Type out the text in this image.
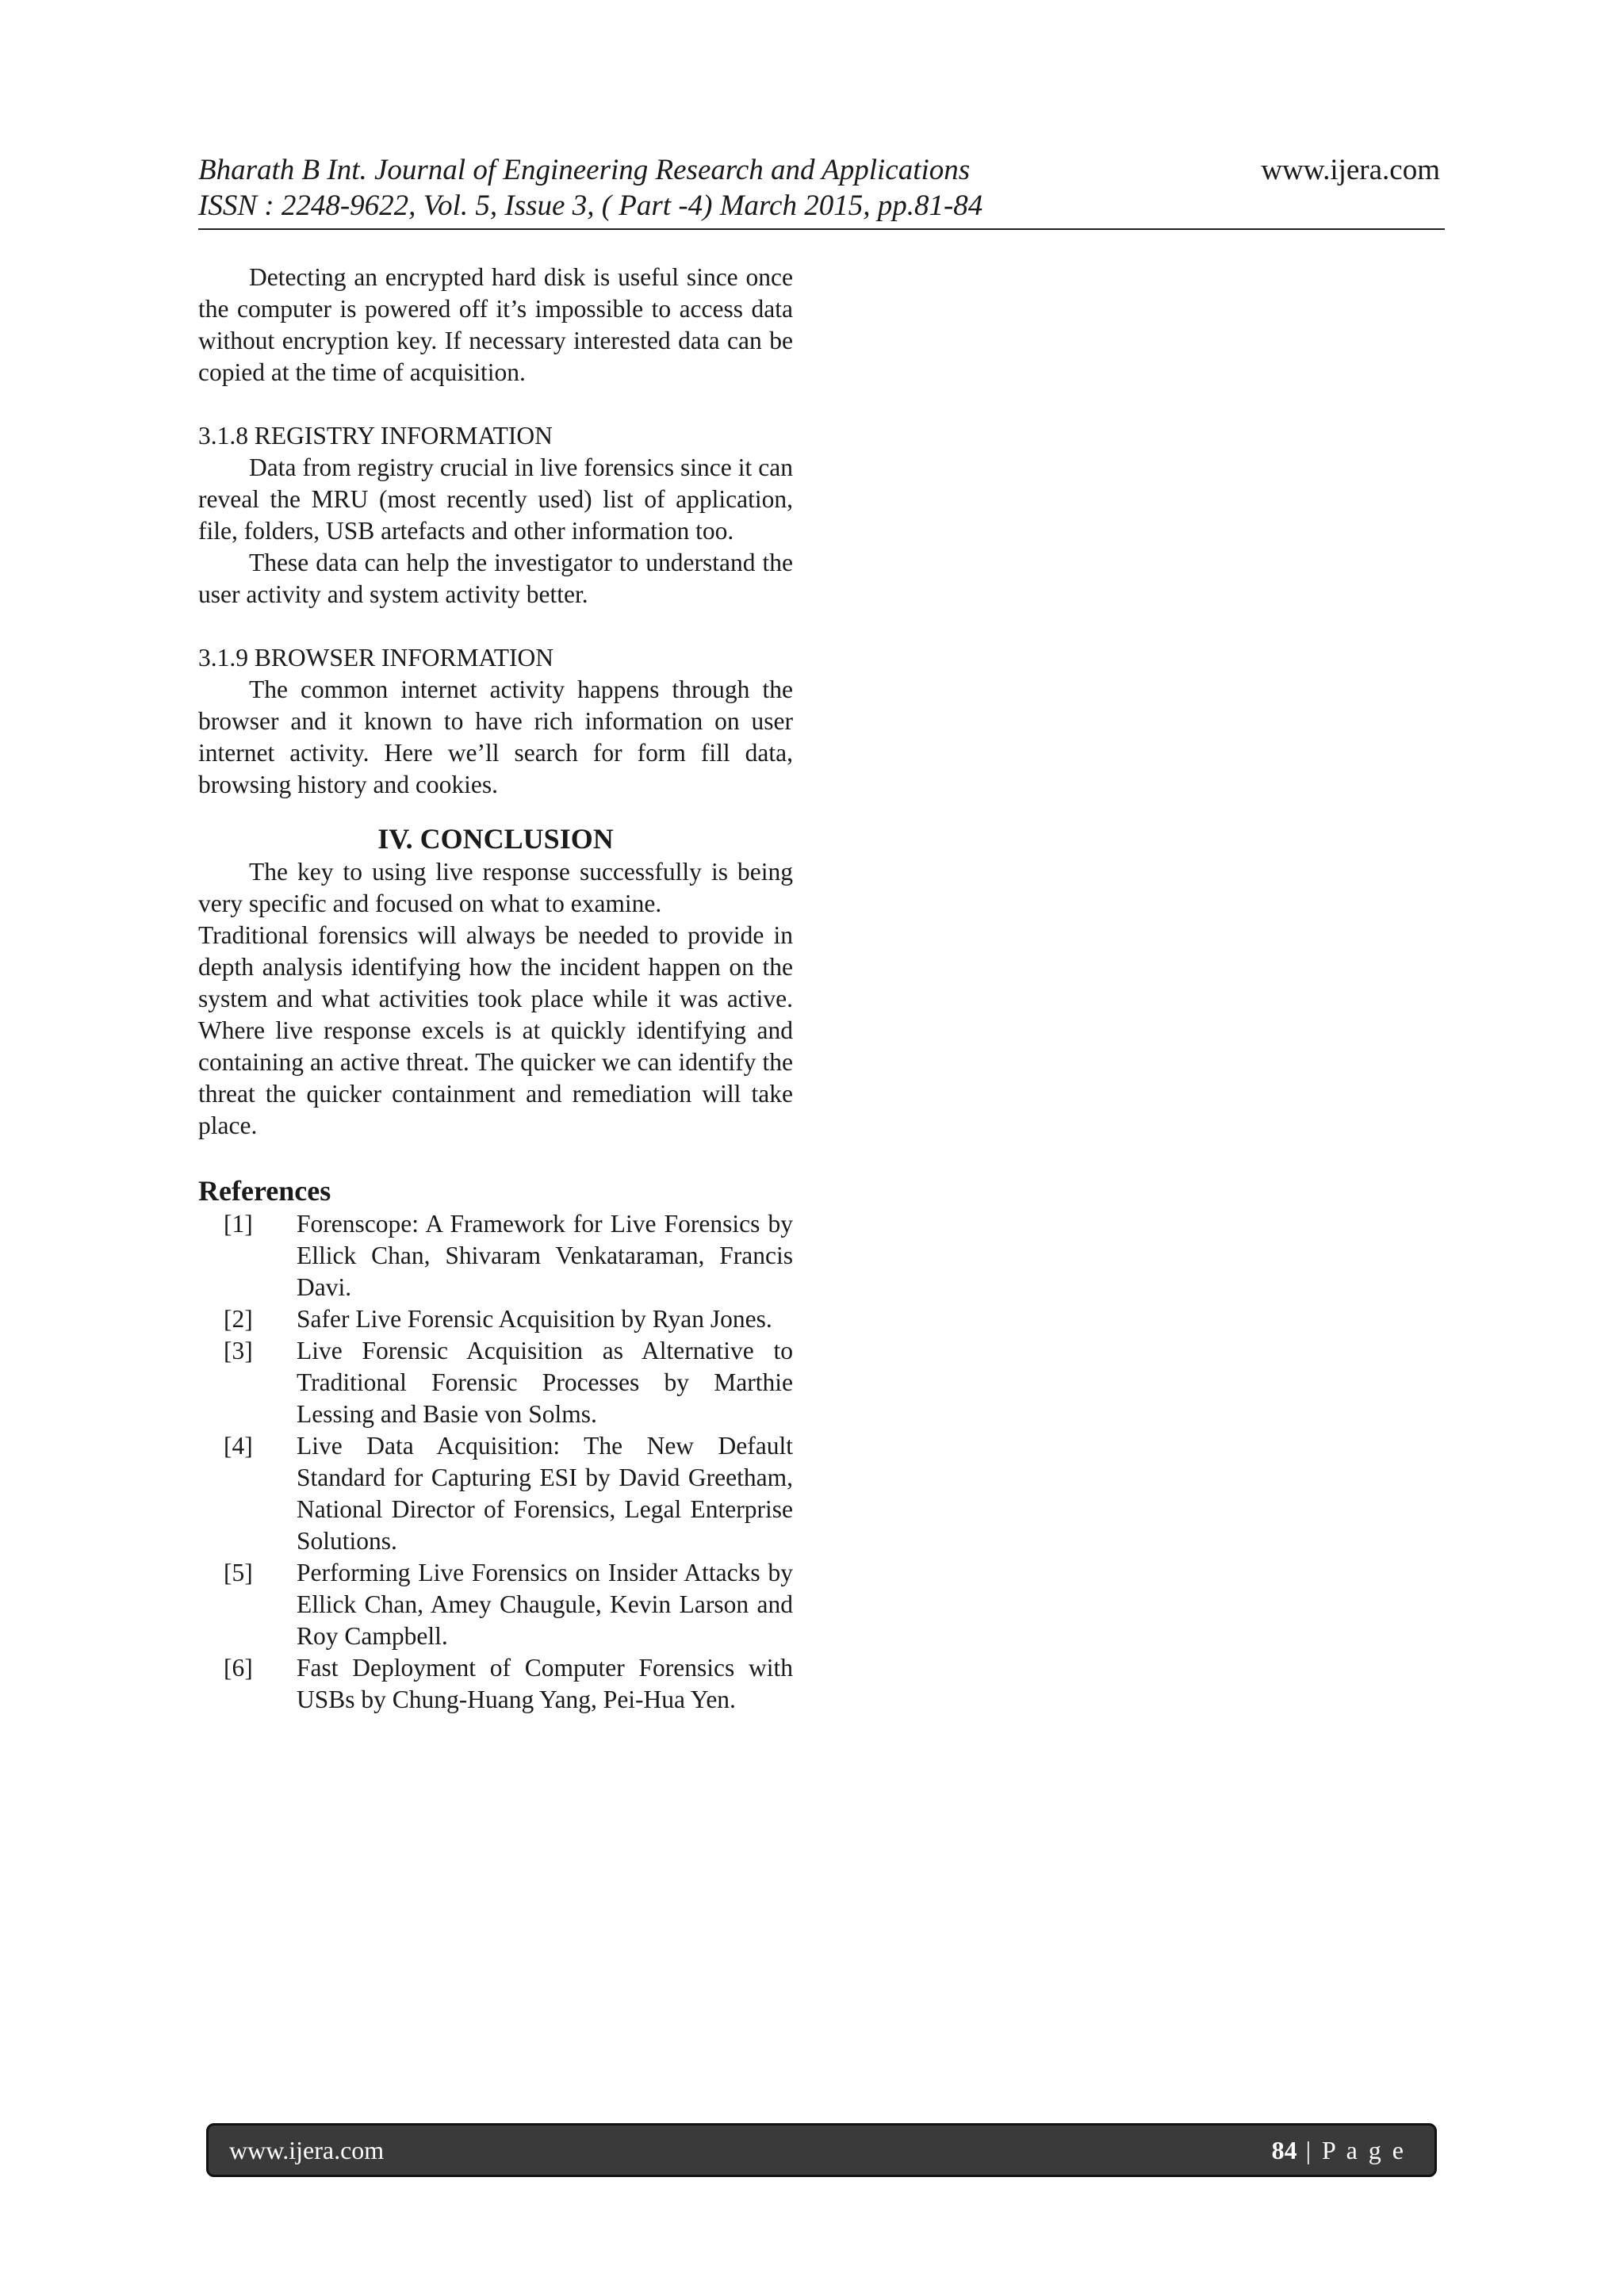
Bharath B Int. Journal of Engineering Research and Applications
ISSN : 2248-9622, Vol. 5, Issue 3, ( Part -4) March 2015, pp.81-84
www.ijera.com

Detecting an encrypted hard disk is useful since once the computer is powered off it’s impossible to access data without encryption key. If necessary interested data can be copied at the time of acquisition.

3.1.8 REGISTRY INFORMATION

Data from registry crucial in live forensics since it can reveal the MRU (most recently used) list of application, file, folders, USB artefacts and other information too.

These data can help the investigator to understand the user activity and system activity better.

3.1.9 BROWSER INFORMATION

The common internet activity happens through the browser and it known to have rich information on user internet activity. Here we’ll search for form fill data, browsing history and cookies.

IV. CONCLUSION

The key to using live response successfully is being very specific and focused on what to examine.

Traditional forensics will always be needed to provide in depth analysis identifying how the incident happen on the system and what activities took place while it was active. Where live response excels is at quickly identifying and containing an active threat. The quicker we can identify the threat the quicker containment and remediation will take place.

References

[1]	Forenscope: A Framework for Live Forensics by Ellick Chan, Shivaram Venkataraman, Francis Davi.
[2]	Safer Live Forensic Acquisition by Ryan Jones.
[3]	Live Forensic Acquisition as Alternative to Traditional Forensic Processes by Marthie Lessing and Basie von Solms.
[4]	Live Data Acquisition: The New Default Standard for Capturing ESI by David Greetham, National Director of Forensics, Legal Enterprise Solutions.
[5]	Performing Live Forensics on Insider Attacks by Ellick Chan, Amey Chaugule, Kevin Larson and Roy Campbell.
[6]	Fast Deployment of Computer Forensics with USBs by Chung-Huang Yang, Pei-Hua Yen.
www.ijera.com	84 | P a g e
